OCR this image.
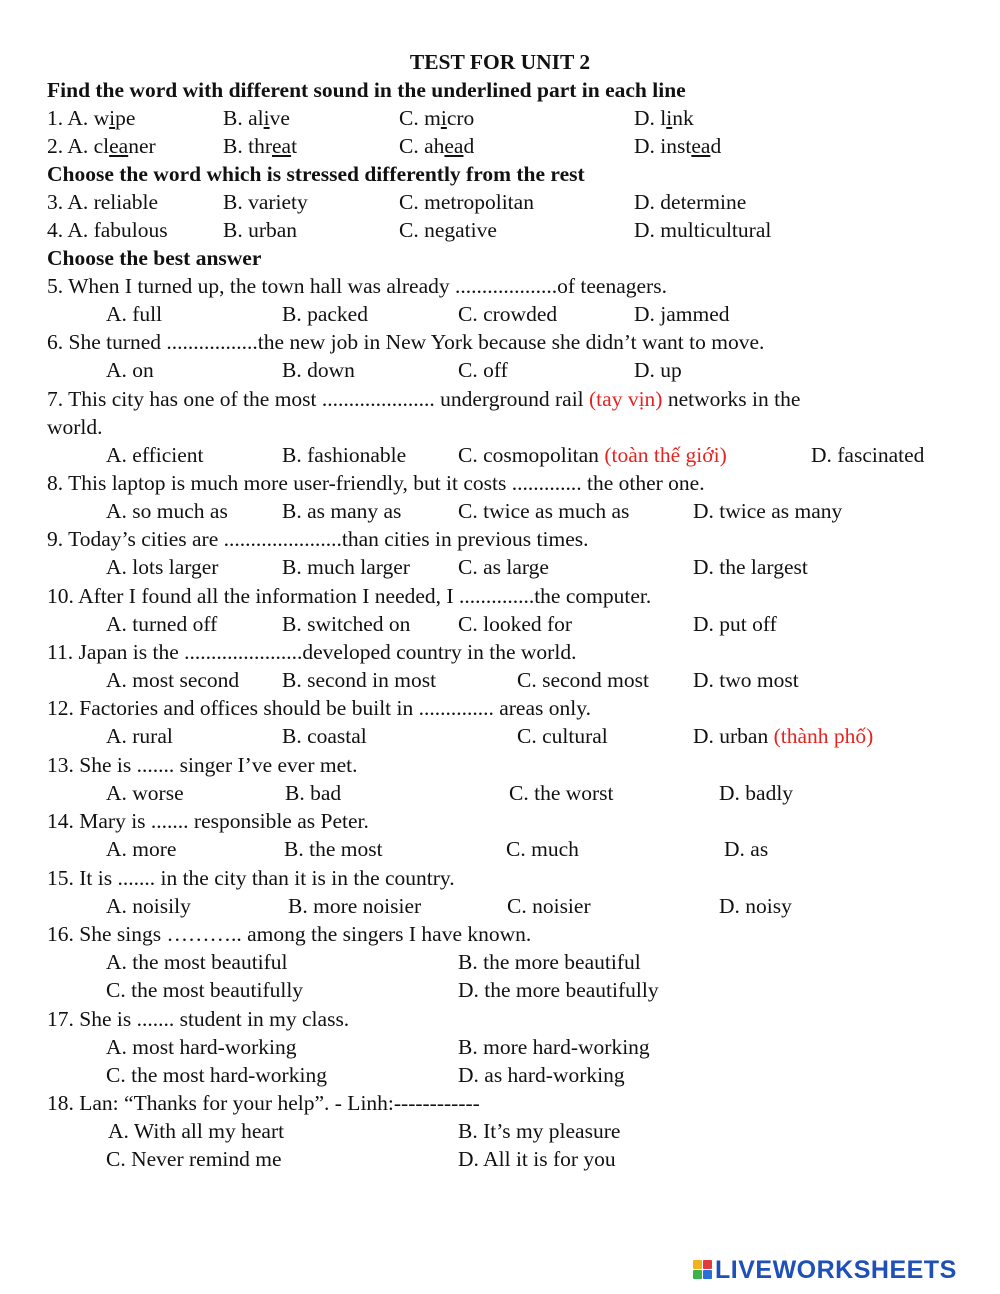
TEST FOR UNIT 2
Find the word with different sound in the underlined part in each line
1. A. wipe	B. alive	C. micro	D. link
2. A. cleaner	B. threat	C. ahead	D. instead
Choose the word which is stressed differently from the rest
3. A. reliable	B. variety	C. metropolitan	D. determine
4. A. fabulous	B. urban	C. negative	D. multicultural
Choose the best answer
5. When I turned up, the town hall was already ...................of teenagers.
A. full	B. packed	C. crowded	D. jammed
6. She turned .................the new job in New York because she didn’t want to move.
A. on	B. down	C. off	D. up
7. This city has one of the most ..................... underground rail (tay vịn) networks in the
world.
A. efficient	B. fashionable C. cosmopolitan (toàn thế giới)	D. fascinated
8. This laptop is much more user-friendly, but it costs ............. the other one.
A. so much as	B. as many as	C. twice as much as	D. twice as many
9. Today’s cities are ......................than cities in previous times.
A. lots larger	B. much larger C. as large	D. the largest
10. After I found all the information I needed, I ..............the computer.
A. turned off	B. switched on C. looked for	D. put off
11. Japan is the ......................developed country in the world.
A. most second B. second in most	C. second most D. two most
12. Factories and offices should be built in .............. areas only.
A. rural	B. coastal	C. cultural	D. urban (thành phố)
13. She is ....... singer I’ve ever met.
A. worse	B. bad	C. the worst	D. badly
14. Mary is ....... responsible as Peter.
A. more	B. the most	C. much	D. as
15. It is ....... in the city than it is in the country.
A. noisily	B. more noisier	C. noisier	D. noisy
16. She sings ……….. among the singers I have known.
A. the most beautiful	B. the more beautiful
C. the most beautifully	D. the more beautifully
17. She is ....... student in my class.
A. most hard-working	B. more hard-working
C. the most hard-working	D. as hard-working
18. Lan: “Thanks for your help”. - Linh:------------
A. With all my heart	B. It’s my pleasure
C. Never remind me	D. All it is for you
LIVEWORKSHEETS
